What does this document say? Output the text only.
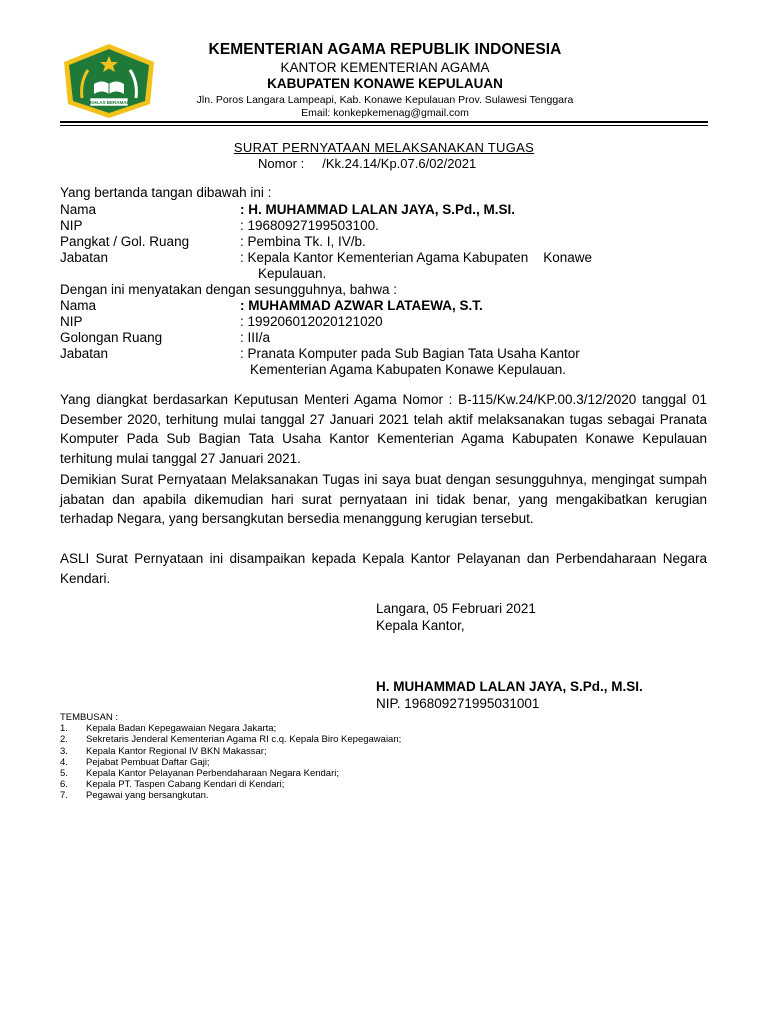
IKHLAS BERAMAL
KEMENTERIAN AGAMA REPUBLIK INDONESIA
KANTOR KEMENTERIAN AGAMA
KABUPATEN KONAWE KEPULAUAN
Jln. Poros Langara Lampeapi, Kab. Konawe Kepulauan Prov. Sulawesi Tenggara
Email: konkepkemenag@gmail.com
SURAT PERNYATAAN MELAKSANAKAN TUGAS
Nomor : /Kk.24.14/Kp.07.6/02/2021
Yang bertanda tangan dibawah ini :
Nama	: H. MUHAMMAD LALAN JAYA, S.Pd., M.SI.
NIP	: 19680927199503100.
Pangkat / Gol. Ruang	: Pembina Tk. I, IV/b.
Jabatan	: Kepala Kantor Kementerian Agama Kabupaten    Konawe
Kepulauan.
Dengan ini menyatakan dengan sesungguhnya, bahwa :
Nama	: MUHAMMAD AZWAR LATAEWA, S.T.
NIP	: 199206012020121020
Golongan Ruang	: III/a
Jabatan	: Pranata Komputer pada Sub Bagian Tata Usaha Kantor
Kementerian Agama Kabupaten Konawe Kepulauan.
Yang diangkat berdasarkan Keputusan Menteri Agama Nomor : B-115/Kw.24/KP.00.3/12/2020 tanggal 01 Desember 2020, terhitung mulai tanggal 27 Januari 2021 telah aktif melaksanakan tugas sebagai Pranata Komputer Pada Sub Bagian Tata Usaha Kantor Kementerian Agama Kabupaten Konawe Kepulauan terhitung mulai tanggal 27 Januari 2021.
Demikian Surat Pernyataan Melaksanakan Tugas ini saya buat dengan sesungguhnya, mengingat sumpah jabatan dan apabila dikemudian hari surat pernyataan ini tidak benar, yang mengakibatkan kerugian terhadap Negara, yang bersangkutan bersedia menanggung kerugian tersebut.
ASLI Surat Pernyataan ini disampaikan kepada Kepala Kantor Pelayanan dan Perbendaharaan Negara Kendari.
Langara, 05 Februari 2021
Kepala Kantor,
H. MUHAMMAD LALAN JAYA, S.Pd., M.SI.
NIP. 196809271995031001
TEMBUSAN :
1. Kepala Badan Kepegawaian Negara Jakarta;
2. Sekretaris Jenderal Kementerian Agama RI c.q. Kepala Biro Kepegawaian;
3. Kepala Kantor Regional IV BKN Makassar;
4. Pejabat Pembuat Daftar Gaji;
5. Kepala Kantor Pelayanan Perbendaharaan Negara Kendari;
6. Kepala PT. Taspen Cabang Kendari di Kendari;
7. Pegawai yang bersangkutan.
